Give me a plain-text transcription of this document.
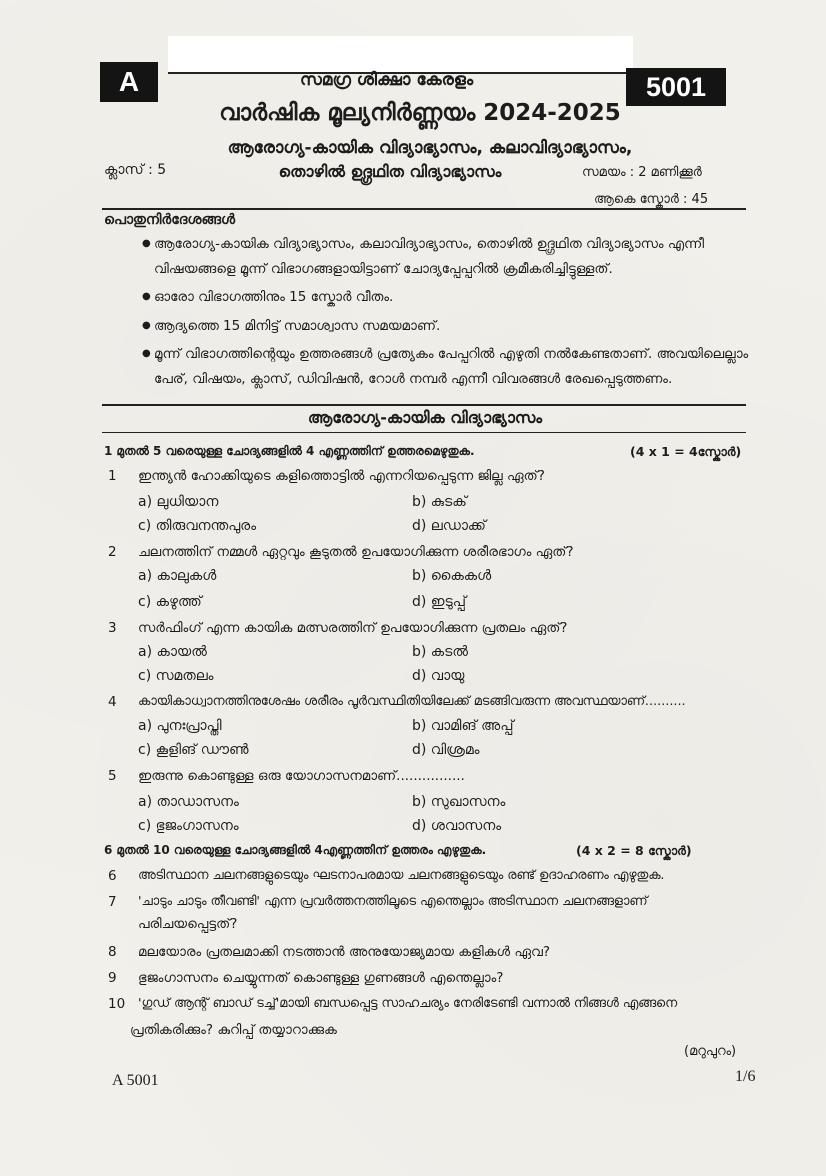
A	സമഗ്ര ശിക്ഷാ കേരളം	5001
വാർഷിക മൂല്യനിർണ്ണയം 2024-2025
ആരോഗ്യ-കായിക വിദ്യാഭ്യാസം, കലാവിദ്യാഭ്യാസം,
ക്ലാസ് : 5	തൊഴിൽ ഉദ്ഗ്രഥിത വിദ്യാഭ്യാസം	സമയം : 2 മണിക്കൂർ
ആകെ സ്കോർ : 45
പൊതുനിർദേശങ്ങൾ

● ആരോഗ്യ-കായിക വിദ്യാഭ്യാസം, കലാവിദ്യാഭ്യാസം, തൊഴിൽ ഉദ്ഗ്രഥിത വിദ്യാഭ്യാസം എന്നീ വിഷയങ്ങളെ മൂന്ന് വിഭാഗങ്ങളായിട്ടാണ് ചോദ്യപ്പേപ്പറിൽ ക്രമീകരിച്ചിട്ടുള്ളത്.

● ഓരോ വിഭാഗത്തിനും 15 സ്കോർ വീതം.

● ആദ്യത്തെ 15 മിനിട്ട് സമാശ്വാസ സമയമാണ്.

● മൂന്ന് വിഭാഗത്തിന്റെയും ഉത്തരങ്ങൾ പ്രത്യേകം പേപ്പറിൽ എഴുതി നൽകേണ്ടതാണ്. അവയിലെല്ലാം പേര്, വിഷയം, ക്ലാസ്, ഡിവിഷൻ, റോൾ നമ്പർ എന്നീ വിവരങ്ങൾ രേഖപ്പെടുത്തണം.

ആരോഗ്യ-കായിക വിദ്യാഭ്യാസം
1 മുതൽ 5 വരെയുള്ള ചോദ്യങ്ങളിൽ 4 എണ്ണത്തിന് ഉത്തരമെഴുതുക.	(4 x 1 = 4സ്കോർ)
1	ഇന്ത്യൻ ഹോക്കിയുടെ കളിത്തൊട്ടിൽ എന്നറിയപ്പെടുന്ന ജില്ല ഏത്?
a) ലുധിയാന	b) കുടക്
c) തിരുവനന്തപുരം	d) ലഡാക്ക്
2	ചലനത്തിന് നമ്മൾ ഏറ്റവും കൂടുതൽ ഉപയോഗിക്കുന്ന ശരീരഭാഗം ഏത്?
a) കാലുകൾ	b) കൈകൾ
c) കഴുത്ത്	d) ഇടുപ്പ്
3	സർഫിംഗ് എന്ന കായിക മത്സരത്തിന് ഉപയോഗിക്കുന്ന പ്രതലം ഏത്?
a) കായൽ	b) കടൽ
c) സമതലം	d) വായു
4	കായികാധ്വാനത്തിനുശേഷം ശരീരം പൂർവസ്ഥിതിയിലേക്ക് മടങ്ങിവരുന്ന അവസ്ഥയാണ്..........
a) പുനഃപ്രാപ്തി	b) വാമിങ് അപ്പ്
c) കൂളിങ് ഡൗൺ	d) വിശ്രമം
5	ഇരുന്നു കൊണ്ടുള്ള ഒരു യോഗാസനമാണ്................
a) താഡാസനം	b) സുഖാസനം
c) ഭുജംഗാസനം	d) ശവാസനം
6 മുതൽ 10 വരെയുള്ള ചോദ്യങ്ങളിൽ 4എണ്ണത്തിന് ഉത്തരം എഴുതുക.	(4 x 2 = 8 സ്കോർ)
6	അടിസ്ഥാന ചലനങ്ങളുടെയും ഘടനാപരമായ ചലനങ്ങളുടെയും രണ്ട് ഉദാഹരണം എഴുതുക.
7	'ചാടും ചാടും തീവണ്ടി' എന്ന പ്രവർത്തനത്തിലൂടെ എന്തെല്ലാം അടിസ്ഥാന ചലനങ്ങളാണ്
പരിചയപ്പെട്ടത്?
8	മലയോരം പ്രതലമാക്കി നടത്താൻ അനുയോജ്യമായ കളികൾ ഏവ?
9	ഭുജംഗാസനം ചെയ്യുന്നത് കൊണ്ടുള്ള ഗുണങ്ങൾ എന്തെല്ലാം?
10 'ഗുഡ് ആന്റ് ബാഡ് ടച്ച്'മായി ബന്ധപ്പെട്ട സാഹചര്യം നേരിടേണ്ടി വന്നാൽ നിങ്ങൾ എങ്ങനെ
പ്രതികരിക്കും? കുറിപ്പ് തയ്യാറാക്കുക
(മറുപുറം)
A 5001	1/6
